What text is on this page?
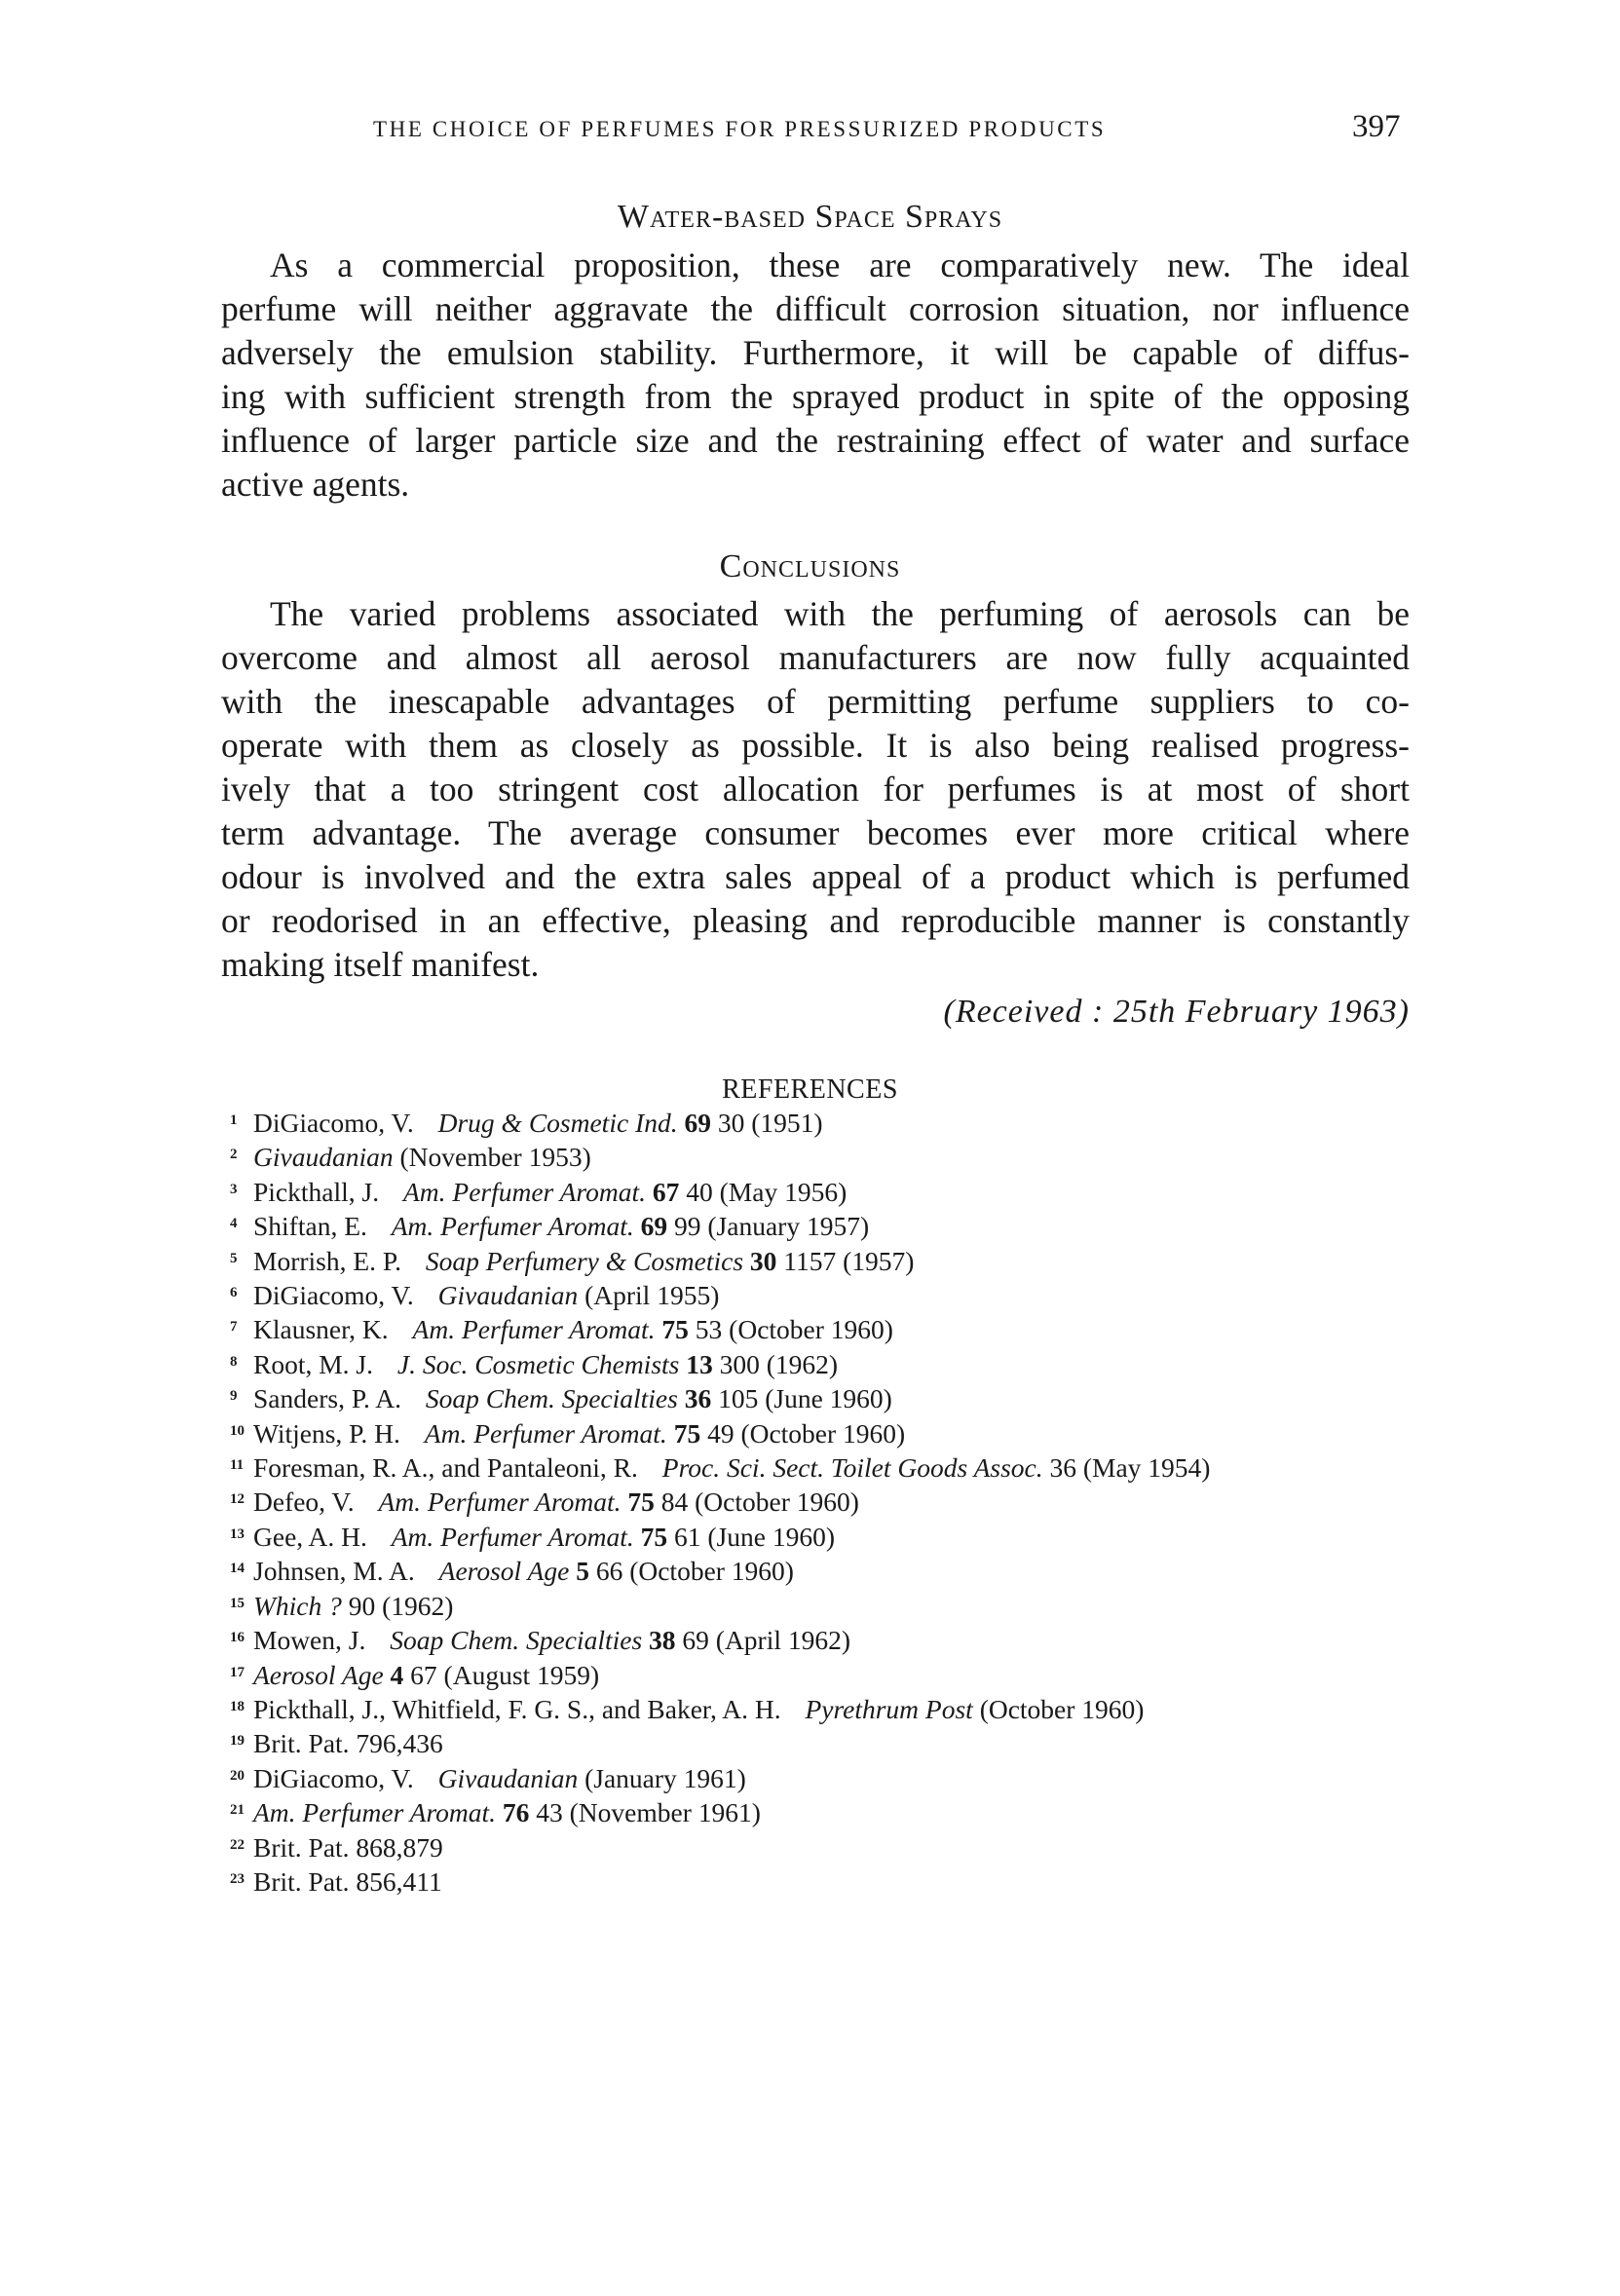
THE CHOICE OF PERFUMES FOR PRESSURIZED PRODUCTS	397
Water-based Space Sprays
As a commercial proposition, these are comparatively new. The ideal
perfume will neither aggravate the difficult corrosion situation, nor influence
adversely the emulsion stability. Furthermore, it will be capable of diffus-
ing with sufficient strength from the sprayed product in spite of the opposing
influence of larger particle size and the restraining effect of water and surface
active agents.
Conclusions
The varied problems associated with the perfuming of aerosols can be
overcome and almost all aerosol manufacturers are now fully acquainted
with the inescapable advantages of permitting perfume suppliers to co-
operate with them as closely as possible. It is also being realised progress-
ively that a too stringent cost allocation for perfumes is at most of short
term advantage. The average consumer becomes ever more critical where
odour is involved and the extra sales appeal of a product which is perfumed
or reodorised in an effective, pleasing and reproducible manner is constantly
making itself manifest.
(Received : 25th February 1963)
REFERENCES
1 DiGiacomo, V. Drug & Cosmetic Ind. 69 30 (1951)
2 Givaudanian (November 1953)
3 Pickthall, J. Am. Perfumer Aromat. 67 40 (May 1956)
4 Shiftan, E. Am. Perfumer Aromat. 69 99 (January 1957)
5 Morrish, E. P. Soap Perfumery & Cosmetics 30 1157 (1957)
6 DiGiacomo, V. Givaudanian (April 1955)
7 Klausner, K. Am. Perfumer Aromat. 75 53 (October 1960)
8 Root, M. J. J. Soc. Cosmetic Chemists 13 300 (1962)
9 Sanders, P. A. Soap Chem. Specialties 36 105 (June 1960)
10 Witjens, P. H. Am. Perfumer Aromat. 75 49 (October 1960)
11 Foresman, R. A., and Pantaleoni, R. Proc. Sci. Sect. Toilet Goods Assoc. 36 (May 1954)
12 Defeo, V. Am. Perfumer Aromat. 75 84 (October 1960)
13 Gee, A. H. Am. Perfumer Aromat. 75 61 (June 1960)
14 Johnsen, M. A. Aerosol Age 5 66 (October 1960)
15 Which ? 90 (1962)
16 Mowen, J. Soap Chem. Specialties 38 69 (April 1962)
17 Aerosol Age 4 67 (August 1959)
18 Pickthall, J., Whitfield, F. G. S., and Baker, A. H. Pyrethrum Post (October 1960)
19 Brit. Pat. 796,436
20 DiGiacomo, V. Givaudanian (January 1961)
21 Am. Perfumer Aromat. 76 43 (November 1961)
22 Brit. Pat. 868,879
23 Brit. Pat. 856,411
